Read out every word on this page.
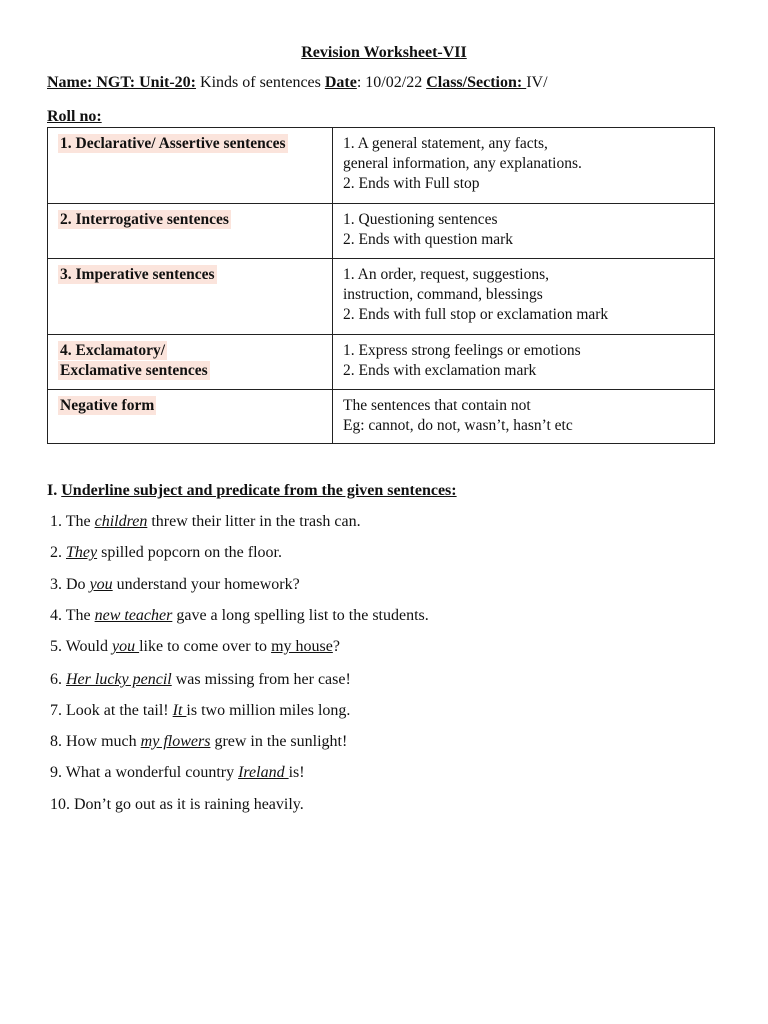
Revision Worksheet-VII
Name: NGT: Unit-20: Kinds of sentences Date: 10/02/22 Class/Section: IV/
Roll no:
1. Declarative/ Assertive sentences	1. A general statement, any facts,
general information, any explanations.
2. Ends with Full stop

2. Interrogative sentences	1. Questioning sentences
2. Ends with question mark

3. Imperative sentences	1. An order, request, suggestions,
instruction, command, blessings
2. Ends with full stop or exclamation mark

4. Exclamatory/
Exclamative sentences	1. Express strong feelings or emotions
2. Ends with exclamation mark

Negative form	The sentences that contain not
Eg: cannot, do not, wasn’t, hasn’t etc
I. Underline subject and predicate from the given sentences:
1. The children threw their litter in the trash can.
2. They spilled popcorn on the floor.
3. Do you understand your homework?
4. The new teacher gave a long spelling list to the students.
5. Would you like to come over to my house?
6. Her lucky pencil was missing from her case!
7. Look at the tail! It is two million miles long.
8. How much my flowers grew in the sunlight!
9. What a wonderful country Ireland is!
10. Don’t go out as it is raining heavily.
